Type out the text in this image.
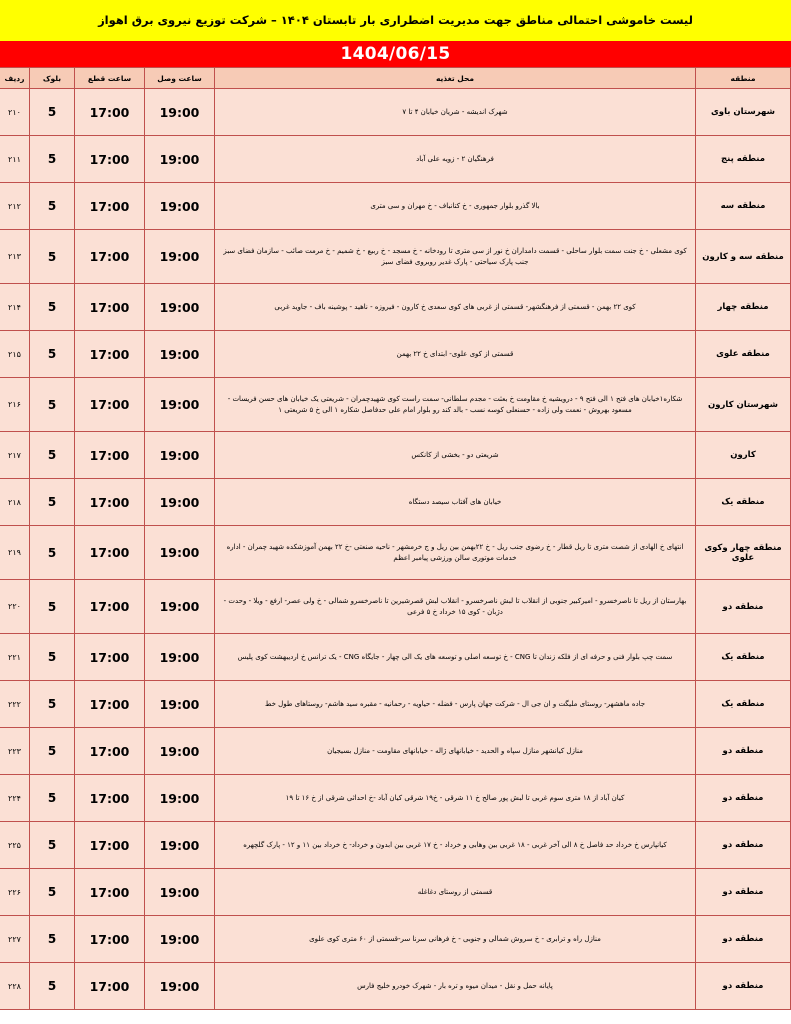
لیست خاموشی احتمالی مناطق جهت مدیریت اضطراری بار تابستان ۱۴۰۴ – شرکت توزیع نیروی برق اهواز
1404/06/15
منطقه	محل تغذیه	ساعت وصل	ساعت قطع	بلوک	ردیف
شهرستان باوی	شهرک اندیشه - شریان خیابان ۴ تا ۷	19:00	17:00	5	۲۱۰
منطقه پنج	فرهنگیان ۲ - زویه علی آباد	19:00	17:00	5	۲۱۱
منطقه سه	بالا گذرو بلوار جمهوری - خ کتانباف - خ مهران و سی متری	19:00	17:00	5	۲۱۲
منطقه سه و کارون	کوی مشعلی - خ جنت سمت بلوار ساحلی - قسمت دامداران خ نور از سی متری تا رودخانه - خ مسجد - خ ربیع - خ شمیم - خ مرمت صائب - سازمان فضای سبز جنب پارک سیاحتی - پارک غدیر روبروی فضای سبز	19:00	17:00	5	۲۱۳
منطقه چهار	کوی ۲۲ بهمن - قسمتی از فرهنگشهر- قسمتی از غربی های کوی سعدی خ کارون - فیروزه - ناهید - پوشینه باف - جاوید غربی	19:00	17:00	5	۲۱۴
منطقه علوی	قسمتی از کوی علوی- ابتدای خ ۲۲ بهمن	19:00	17:00	5	۲۱۵
شهرستان کارون	شکاره۱خیابان های فتح ۱ الی فتح ۹ - درویشیه خ مقاومت خ بعثت - مجدم سلطانی- سمت راست کوی شهیدچمران - شریعتی یک خیابان های حسن فریسات - مسعود بهروش - نعمت ولی زاده - حسنعلی کوسه نسب - بالد کند رو بلوار امام علی حدفاصل شکاره ۱ الی خ ۵ شریعتی ۱	19:00	17:00	5	۲۱۶
کارون	شریعتی دو - بخشی از کانکس	19:00	17:00	5	۲۱۷
منطقه یک	خیابان های آفتاب سیصد دستگاه	19:00	17:00	5	۲۱۸
منطقه چهار وکوی علوی	انتهای خ الهادی از شصت متری تا ریل قطار - خ رضوی جنب ریل - خ ۲۲بهمن بین ریل و ج خرمشهر - ناحیه صنعتی -خ ۲۲ بهمن آموزشکده شهید چمران - اداره خدمات موتوری سالن ورزشی پیامبر اعظم	19:00	17:00	5	۲۱۹
منطقه دو	بهارستان از ریل تا ناصرخسرو - امیرکبیر جنوبی از انقلاب تا لبش ناصرخسرو - انقلاب لبش قصرشیرین تا ناصرخسرو شمالی - خ ولی عصر- ارفع - ویلا - وحدت - دژبان - کوی ۱۵ خرداد خ ۵ فرعی	19:00	17:00	5	۲۲۰
منطقه یک	سمت چپ بلوار فنی و حرفه ای از فلکه زندان تا CNG - خ توسعه اصلی و توسعه های یک الی چهار - جایگاه CNG - یک ترانس خ اردیبهشت کوی پلیس	19:00	17:00	5	۲۲۱
منطقه یک	جاده ماهشهر- روستای ملیگت و ان جی ال - شرکت جهان پارس - فضله - حیاویه - رحمانیه - مقبره سید هاشم- روستاهای طول خط	19:00	17:00	5	۲۲۲
منطقه دو	منازل کیانشهر منازل سپاه و الحدید - خیابانهای ژاله - خیابانهای مقاومت - منازل بسیجیان	19:00	17:00	5	۲۲۳
منطقه دو	کیان آباد از ۱۸ متری سوم غربی تا لبش پور صالح خ ۱۱ شرقی - خ۱۹ شرقی کیان آباد -خ احداثی شرقی از خ ۱۶ تا ۱۹	19:00	17:00	5	۲۲۴
منطقه دو	کیانپارس خ خرداد حد فاصل خ ۸ الی آخر غربی - ۱۸ غربی بین وهابی و خرداد - خ ۱۷ غربی بین ابدون و خرداد- خ خرداد بین ۱۱ و ۱۲ - پارک گلچهره	19:00	17:00	5	۲۲۵
منطقه دو	قسمتی از روستای دغاغله	19:00	17:00	5	۲۲۶
منطقه دو	منازل راه و ترابری - خ سروش شمالی و جنوبی - خ فرهانی سرنا سر-قسمتی از ۶۰ متری کوی علوی	19:00	17:00	5	۲۲۷
منطقه دو	پایانه حمل و نقل - میدان میوه و تره بار - شهرک خودرو خلیج فارس	19:00	17:00	5	۲۲۸
